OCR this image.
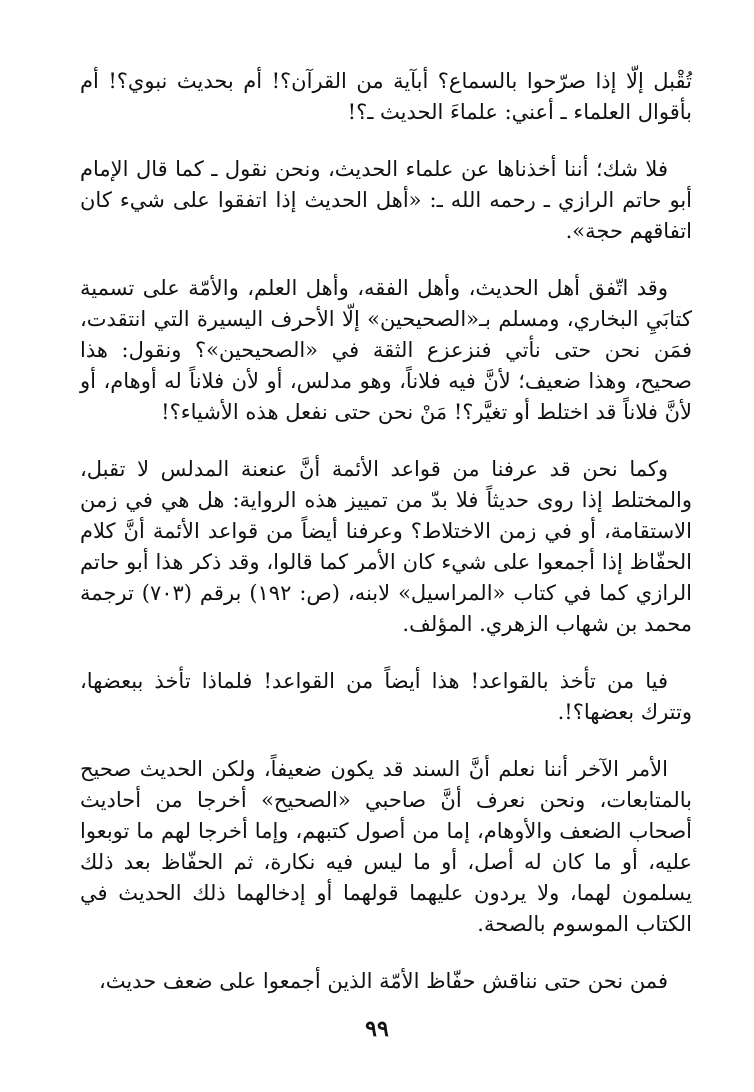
تُقْبل إلّا إذا صرّحوا بالسماع؟ أبآية من القرآن؟! أم بحديث نبوي؟! أم بأقوال العلماء ـ أعني: علماءَ الحديث ـ؟!

فلا شك؛ أننا أخذناها عن علماء الحديث، ونحن نقول ـ كما قال الإمام أبو حاتم الرازي ـ رحمه الله ـ: «أهل الحديث إذا اتفقوا على شيء كان اتفاقهم حجة».

وقد اتّفق أهل الحديث، وأهل الفقه، وأهل العلم، والأمّة على تسمية كتابَيِ البخاري، ومسلم بـ«الصحيحين» إلّا الأحرف اليسيرة التي انتقدت، فمَن نحن حتى نأتي فنزعزع الثقة في «الصحيحين»؟ ونقول: هذا صحيح، وهذا ضعيف؛ لأنَّ فيه فلاناً، وهو مدلس، أو لأن فلاناً له أوهام، أو لأنَّ فلاناً قد اختلط أو تغيَّر؟! مَنْ نحن حتى نفعل هذه الأشياء؟!

وكما نحن قد عرفنا من قواعد الأئمة أنَّ عنعنة المدلس لا تقبل، والمختلط إذا روى حديثاً فلا بدّ من تمييز هذه الرواية: هل هي في زمن الاستقامة، أو في زمن الاختلاط؟ وعرفنا أيضاً من قواعد الأئمة أنَّ كلام الحفّاظ إذا أجمعوا على شيء كان الأمر كما قالوا، وقد ذكر هذا أبو حاتم الرازي كما في كتاب «المراسيل» لابنه، (ص: ١٩٢) برقم (٧٠٣) ترجمة محمد بن شهاب الزهري. المؤلف.

فيا من تأخذ بالقواعد! هذا أيضاً من القواعد! فلماذا تأخذ ببعضها، وتترك بعضها؟!.

الأمر الآخر أننا نعلم أنَّ السند قد يكون ضعيفاً، ولكن الحديث صحيح بالمتابعات، ونحن نعرف أنَّ صاحبي «الصحيح» أخرجا من أحاديث أصحاب الضعف والأوهام، إما من أصول كتبهم، وإما أخرجا لهم ما توبعوا عليه، أو ما كان له أصل، أو ما ليس فيه نكارة، ثم الحفّاظ بعد ذلك يسلمون لهما، ولا يردون عليهما قولهما أو إدخالهما ذلك الحديث في الكتاب الموسوم بالصحة.

فمن نحن حتى نناقش حفّاظ الأمّة الذين أجمعوا على ضعف حديث،

٩٩
